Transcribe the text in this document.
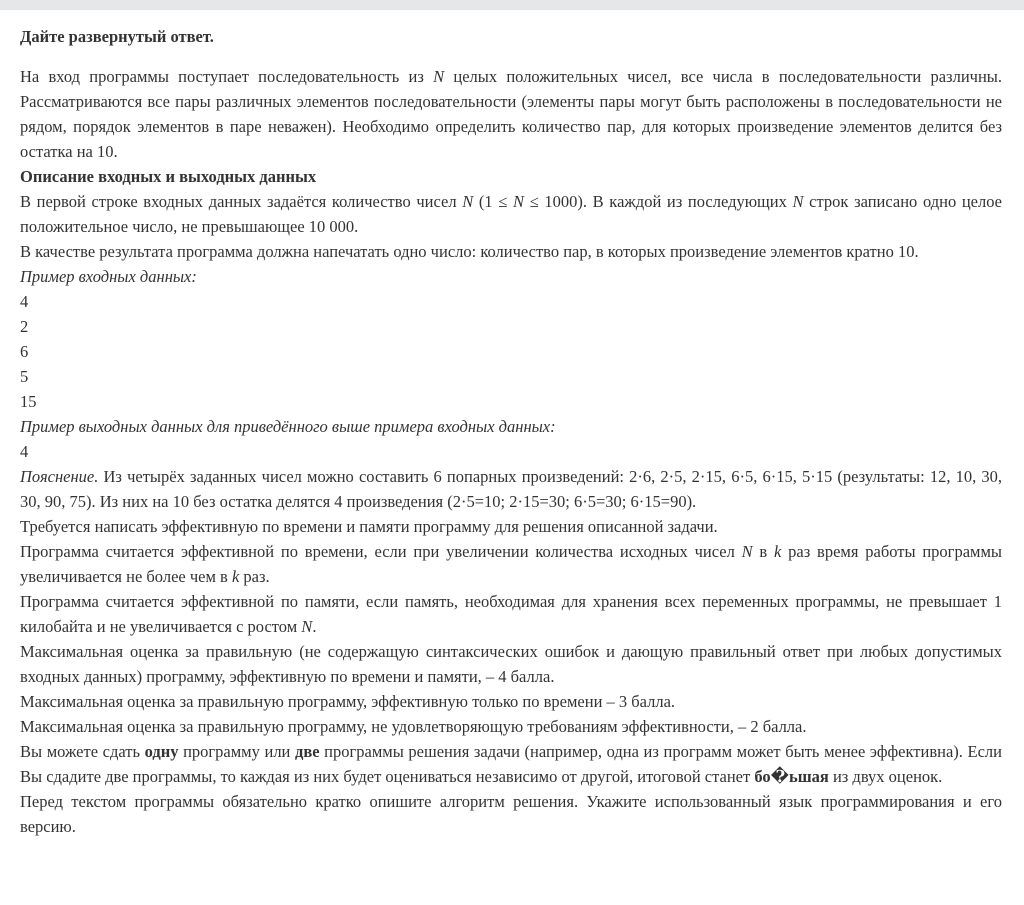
Дайте развернутый ответ.

На вход программы поступает последовательность из N целых положительных чисел, все числа в последовательности различны. Рассматриваются все пары различных элементов последовательности (элементы пары могут быть расположены в последовательности не рядом, порядок элементов в паре неважен). Необходимо определить количество пар, для которых произведение элементов делится без остатка на 10.

Описание входных и выходных данных

В первой строке входных данных задаётся количество чисел N (1 ≤ N ≤ 1000). В каждой из последующих N строк записано одно целое положительное число, не превышающее 10 000.

В качестве результата программа должна напечатать одно число: количество пар, в которых произведение элементов кратно 10.

Пример входных данных:

4

2

6

5

15

Пример выходных данных для приведённого выше примера входных данных:

4

Пояснение. Из четырёх заданных чисел можно составить 6 попарных произведений: 2·6, 2·5, 2·15, 6·5, 6·15, 5·15 (результаты: 12, 10, 30, 30, 90, 75). Из них на 10 без остатка делятся 4 произведения (2·5=10; 2·15=30; 6·5=30; 6·15=90).

Требуется написать эффективную по времени и памяти программу для решения описанной задачи.

Программа считается эффективной по времени, если при увеличении количества исходных чисел N в k раз время работы программы увеличивается не более чем в k раз.

Программа считается эффективной по памяти, если память, необходимая для хранения всех переменных программы, не превышает 1 килобайта и не увеличивается с ростом N.

Максимальная оценка за правильную (не содержащую синтаксических ошибок и дающую правильный ответ при любых допустимых входных данных) программу, эффективную по времени и памяти, – 4 балла.

Максимальная оценка за правильную программу, эффективную только по времени – 3 балла.

Максимальная оценка за правильную программу, не удовлетворяющую требованиям эффективности, – 2 балла.

Вы можете сдать одну программу или две программы решения задачи (например, одна из программ может быть менее эффективна). Если Вы сдадите две программы, то каждая из них будет оцениваться независимо от другой, итоговой станет бо�ьшая из двух оценок.

Перед текстом программы обязательно кратко опишите алгоритм решения. Укажите использованный язык программирования и его версию.
